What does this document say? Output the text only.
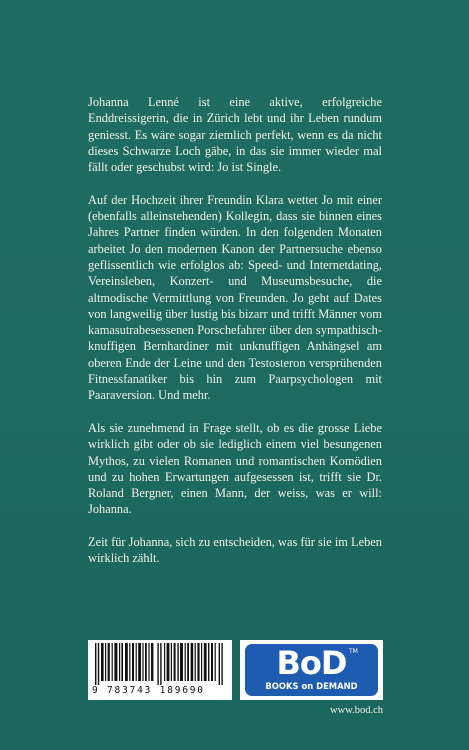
Johanna Lenné ist eine aktive, erfolgreiche Enddreissigerin, die in Zürich lebt und ihr Leben rundum geniesst. Es wäre sogar ziemlich perfekt, wenn es da nicht dieses Schwarze Loch gäbe, in das sie immer wieder mal fällt oder geschubst wird: Jo ist Single.

Auf der Hochzeit ihrer Freundin Klara wettet Jo mit einer (ebenfalls alleinstehenden) Kollegin, dass sie binnen eines Jahres Partner finden würden. In den folgenden Monaten arbeitet Jo den modernen Kanon der Partnersuche ebenso geflissentlich wie erfolglos ab: Speed- und Internetdating, Vereinsleben, Konzert- und Museumsbesuche, die altmodische Vermittlung von Freunden. Jo geht auf Dates von langweilig über lustig bis bizarr und trifft Männer vom kamasutrabesessenen Porschefahrer über den sympathisch-knuffigen Bernhardiner mit unknuffigen Anhängsel am oberen Ende der Leine und den Testosteron versprühenden Fitnessfanatiker bis hin zum Paarpsychologen mit Paaraversion. Und mehr.

Als sie zunehmend in Frage stellt, ob es die grosse Liebe wirklich gibt oder ob sie lediglich einem viel besungenen Mythos, zu vielen Romanen und romantischen Komödien und zu hohen Erwartungen aufgesessen ist, trifft sie Dr. Roland Bergner, einen Mann, der weiss, was er will: Johanna.

Zeit für Johanna, sich zu entscheiden, was für sie im Leben wirklich zählt.

9 783743 189690
BoD TM
BOOKS on DEMAND
www.bod.ch
